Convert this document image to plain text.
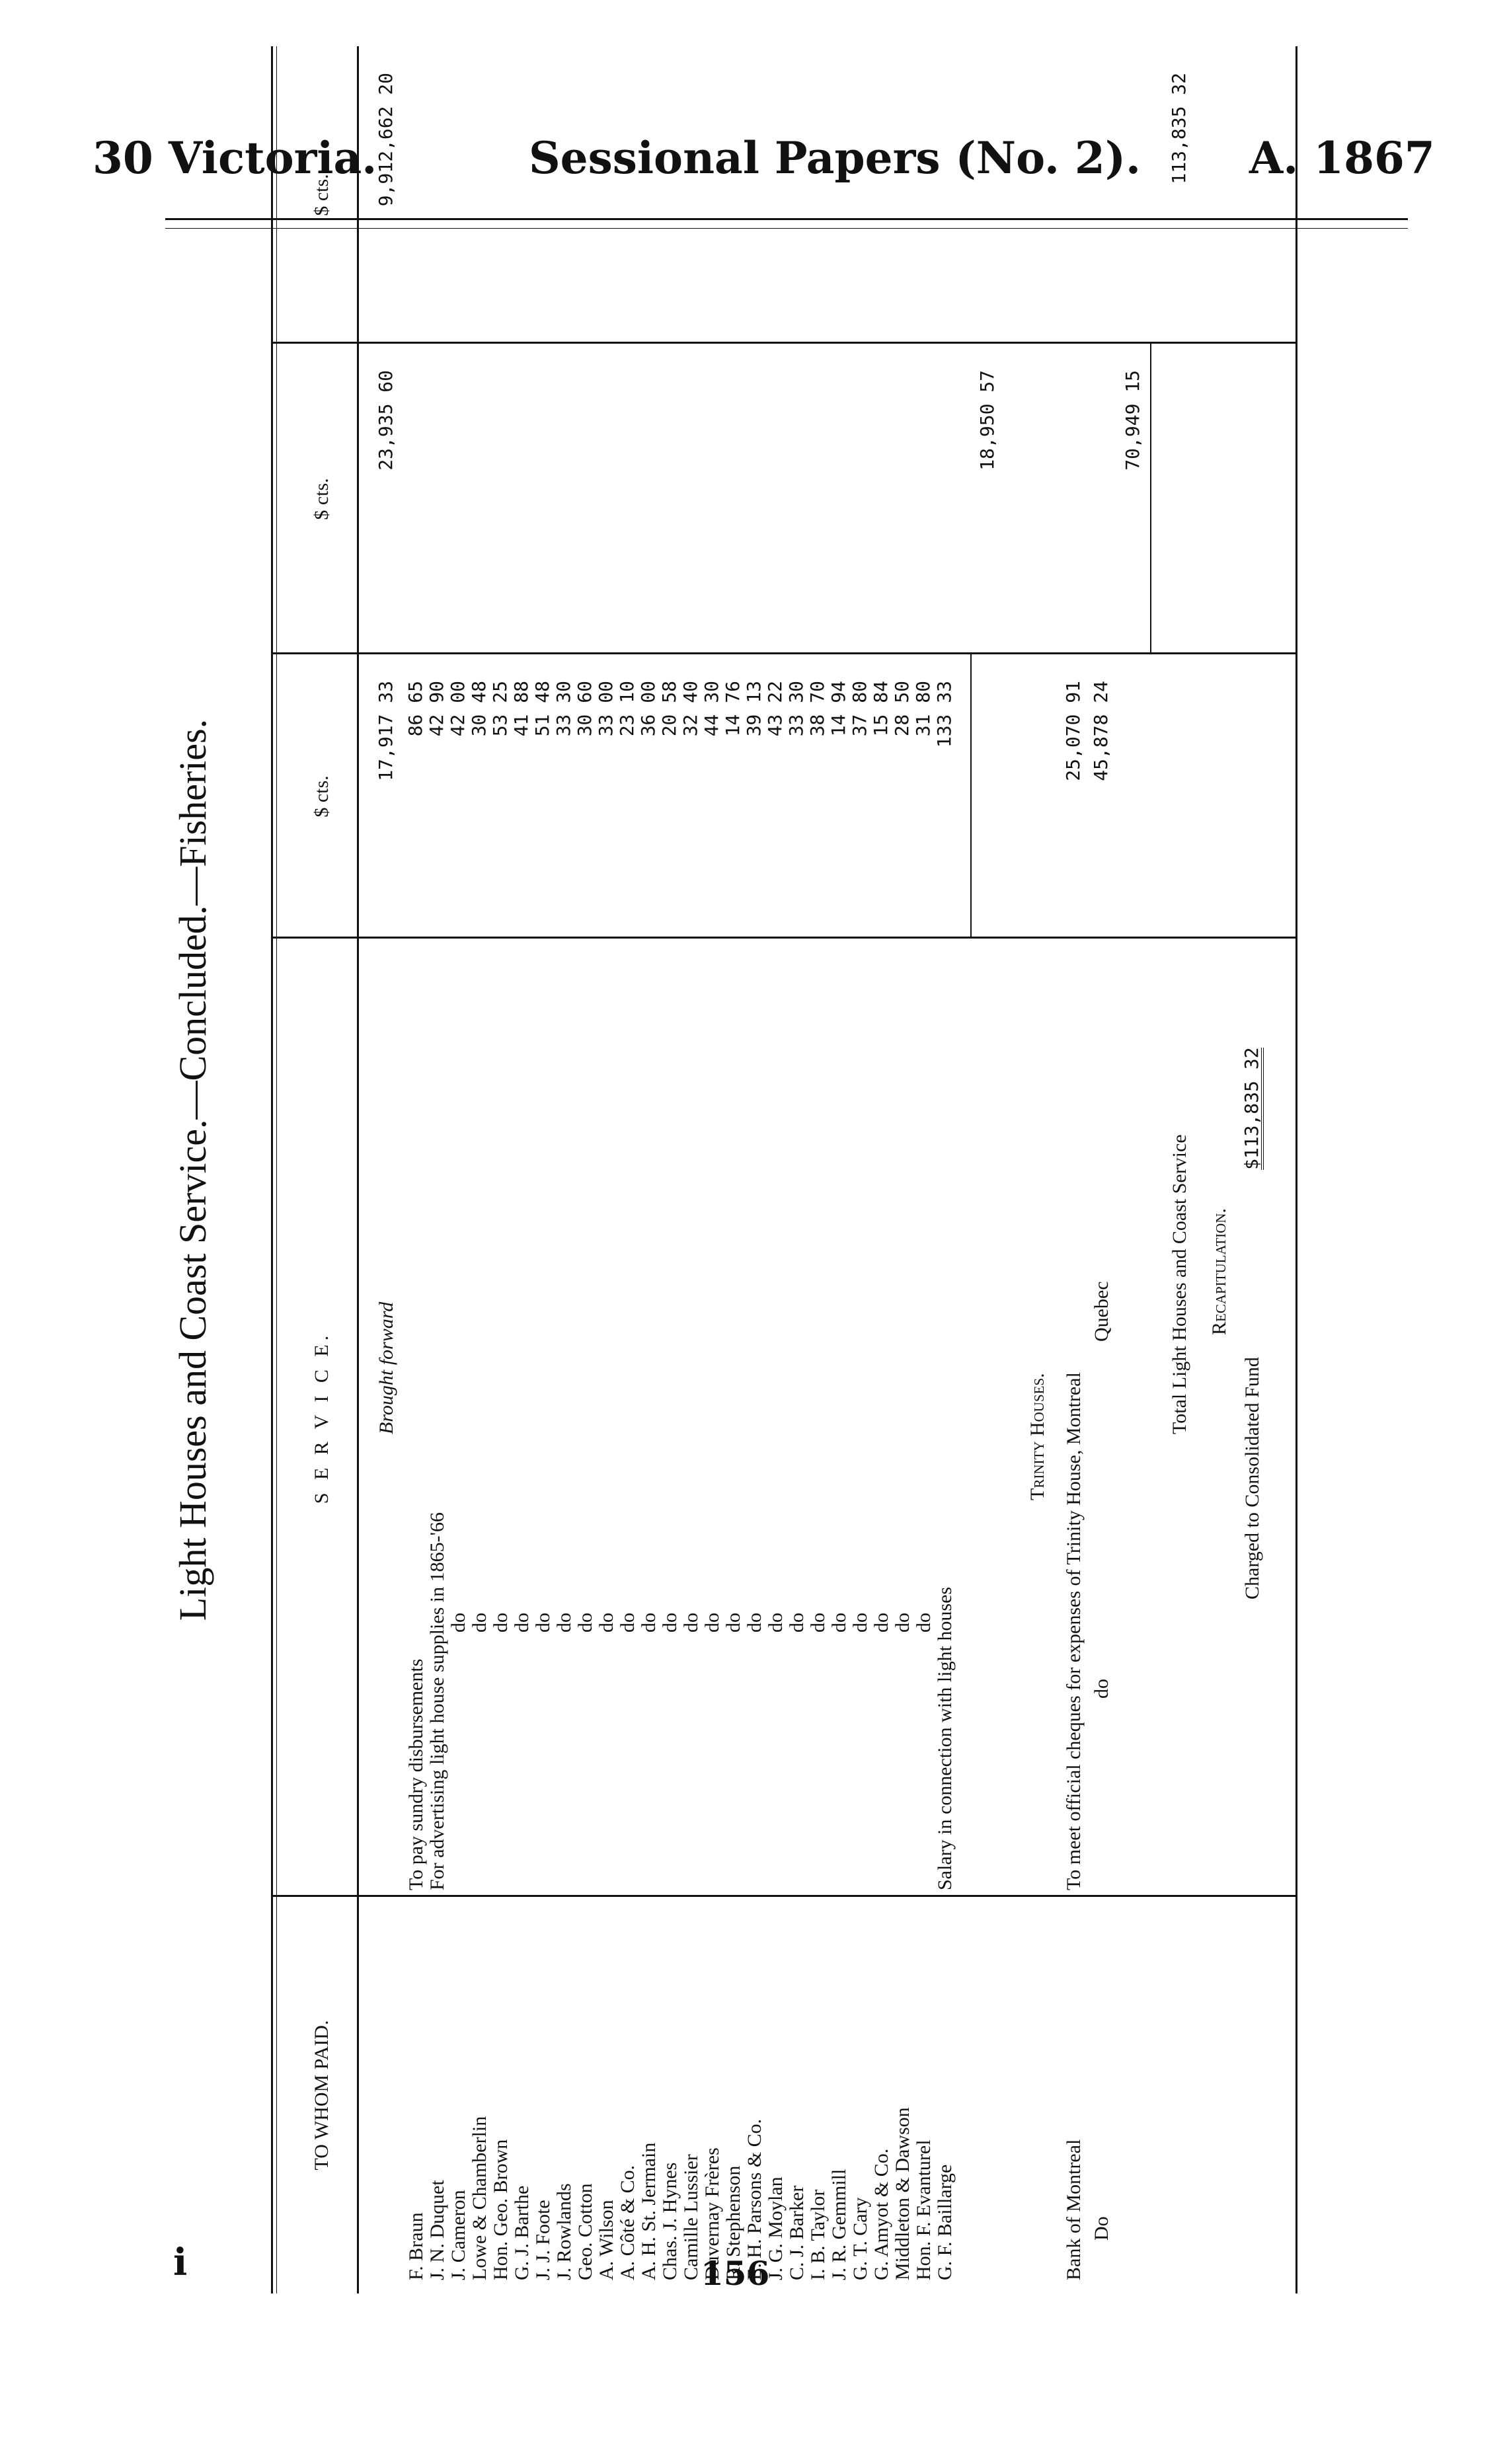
30 Victoria.	Sessional Papers (No. 2). A. 1867
i	156
Light Houses and Coast Service.—Concluded.—Fisheries.
TO WHOM PAID.
S E R V I C E.
$ cts.
$ cts.
$ cts.
Brought forward
17,917 33
23,935 60
9,912,662 20
F. Braun
To pay sundry disbursements
86 65
J. N. Duquet
For advertising light house supplies in 1865-'66
42 90
J. Cameron
do
42 00
Lowe & Chamberlin
do
30 48
Hon. Geo. Brown
do
53 25
G. J. Barthe
do
41 88
J. J. Foote
do
51 48
J. Rowlands
do
33 30
Geo. Cotton
do
30 60
A. Wilson
do
33 00
A. Côté & Co.
do
23 10
A. H. St. Jermain
do
36 00
Chas. J. Hynes
do
20 58
Camille Lussier
do
32 40
Duvernay Frères
do
44 30
R. Stephenson
do
14 76
E. H. Parsons & Co.
do
39 13
J. G. Moylan
do
43 22
C. J. Barker
do
33 30
I. B. Taylor
do
38 70
J. R. Gemmill
do
14 94
G. T. Cary
do
37 80
G. Amyot & Co.
do
15 84
Middleton & Dawson
do
28 50
Hon. F. Evanturel
do
31 80
G. F. Baillarge
Salary in connection with light houses
133 33
18,950 57
Trinity Houses.
Bank of Montreal
To meet official cheques for expenses of Trinity House, Montreal
25,070 91
Do
do                                                                    Quebec
45,878 24
70,949 15
Total Light Houses and Coast Service
113,835 32
Recapitulation.
Charged to Consolidated Fund
$113,835 32
